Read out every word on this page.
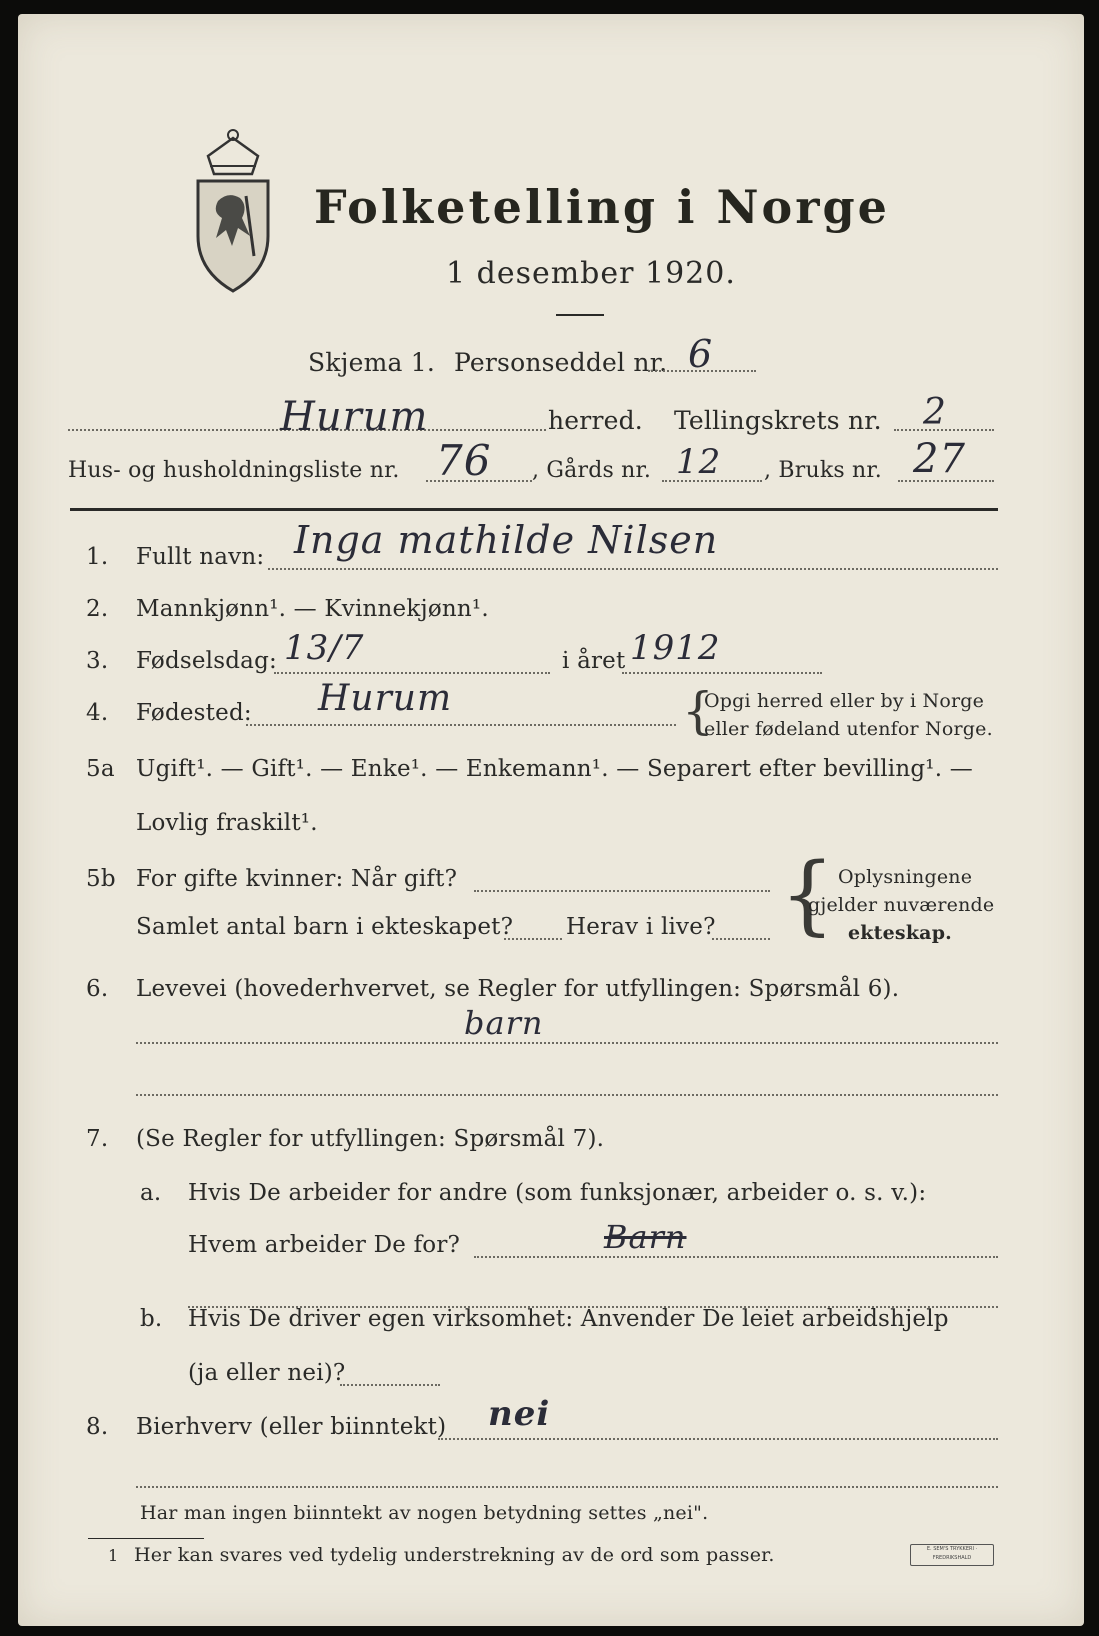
Folketelling i Norge
1 desember 1920.
Skjema 1. Personseddel nr. 6
Hurum	herred. Tellingskrets nr. 2
Hus- og husholdningsliste nr. 76 , Gårds nr. 12 , Bruks nr. 27
1. Fullt navn: Inga mathilde Nilsen
2. Mannkjønn¹. — Kvinnekjønn¹.
3. Fødselsdag: 13/7	i året 1912
4. Fødested: Hurum	{
Opgi herred eller by i Norge
eller fødeland utenfor Norge.
5a Ugift¹. — Gift¹. — Enke¹. — Enkemann¹. — Separert efter bevilling¹. —
Lovlig fraskilt¹.
5b For gifte kvinner: Når gift?
Samlet antal barn i ekteskapet? Herav i live? { Oplysningene
gjelder nuværende
ekteskap.
6. Levevei (hovederhvervet, se Regler for utfyllingen: Spørsmål 6).
barn
7. (Se Regler for utfyllingen: Spørsmål 7).
a. Hvis De arbeider for andre (som funksjonær, arbeider o. s. v.):
Hvem arbeider De for?	Barn
b. Hvis De driver egen virksomhet: Anvender De leiet arbeidshjelp
(ja eller nei)?
8. Bierhverv (eller biinntekt) nei
Har man ingen biinntekt av nogen betydning settes „nei".
1 Her kan svares ved tydelig understrekning av de ord som passer.	E. SEM'S TRYKKERI · FREDRIKSHALD
